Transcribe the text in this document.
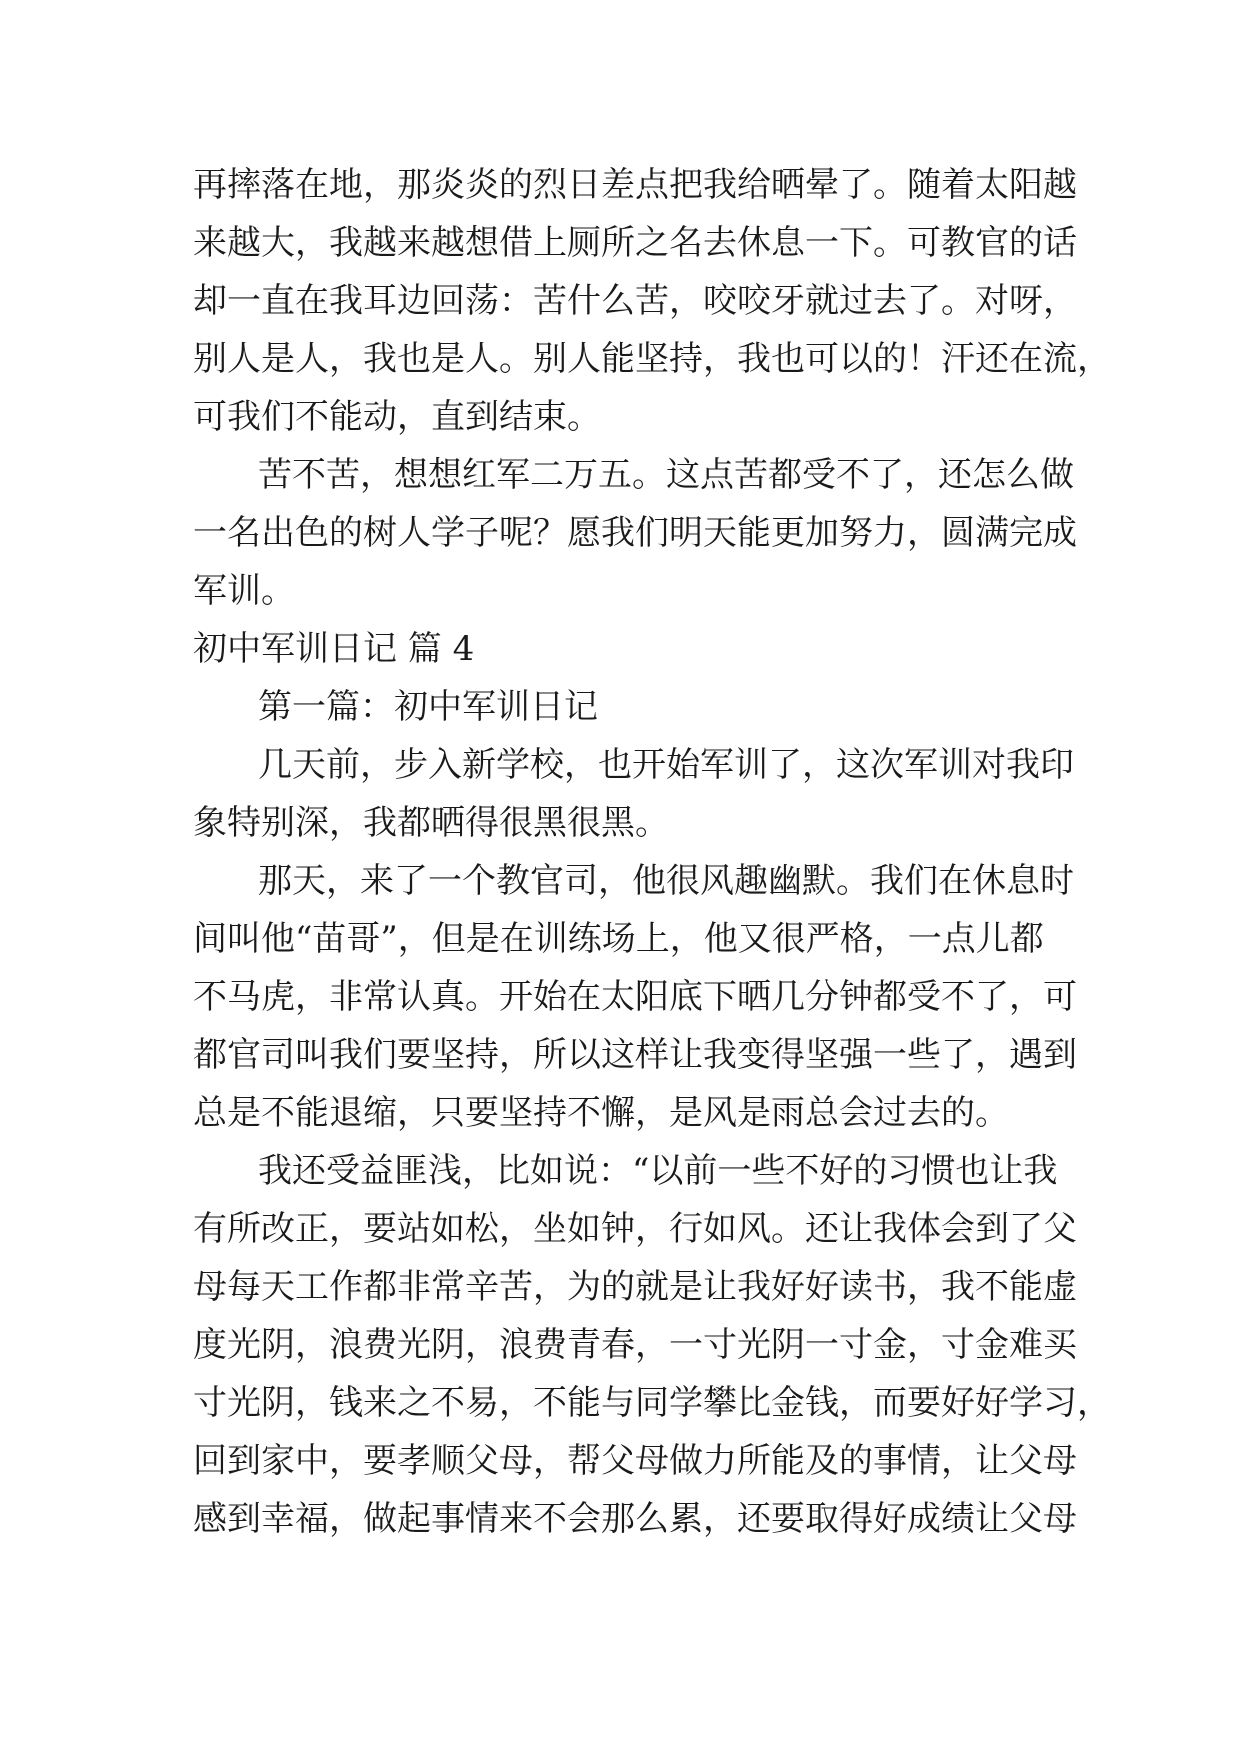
再摔落在地，那炎炎的烈日差点把我给晒晕了。随着太阳越
来越大，我越来越想借上厕所之名去休息一下。可教官的话
却一直在我耳边回荡：苦什么苦，咬咬牙就过去了。对呀，
别人是人，我也是人。别人能坚持，我也可以的！汗还在流，
可我们不能动，直到结束。
苦不苦，想想红军二万五。这点苦都受不了，还怎么做
一名出色的树人学子呢？愿我们明天能更加努力，圆满完成
军训。
初中军训日记 篇 4
第一篇：初中军训日记
几天前，步入新学校，也开始军训了，这次军训对我印
象特别深，我都晒得很黑很黑。
那天，来了一个教官司，他很风趣幽默。我们在休息时
间叫他“苗哥”，但是在训练场上，他又很严格，一点儿都
不马虎，非常认真。开始在太阳底下晒几分钟都受不了，可
都官司叫我们要坚持，所以这样让我变得坚强一些了，遇到
总是不能退缩，只要坚持不懈，是风是雨总会过去的。
我还受益匪浅，比如说：“以前一些不好的习惯也让我
有所改正，要站如松，坐如钟，行如风。还让我体会到了父
母每天工作都非常辛苦，为的就是让我好好读书，我不能虚
度光阴，浪费光阴，浪费青春，一寸光阴一寸金，寸金难买
寸光阴，钱来之不易，不能与同学攀比金钱，而要好好学习，
回到家中，要孝顺父母，帮父母做力所能及的事情，让父母
感到幸福，做起事情来不会那么累，还要取得好成绩让父母
